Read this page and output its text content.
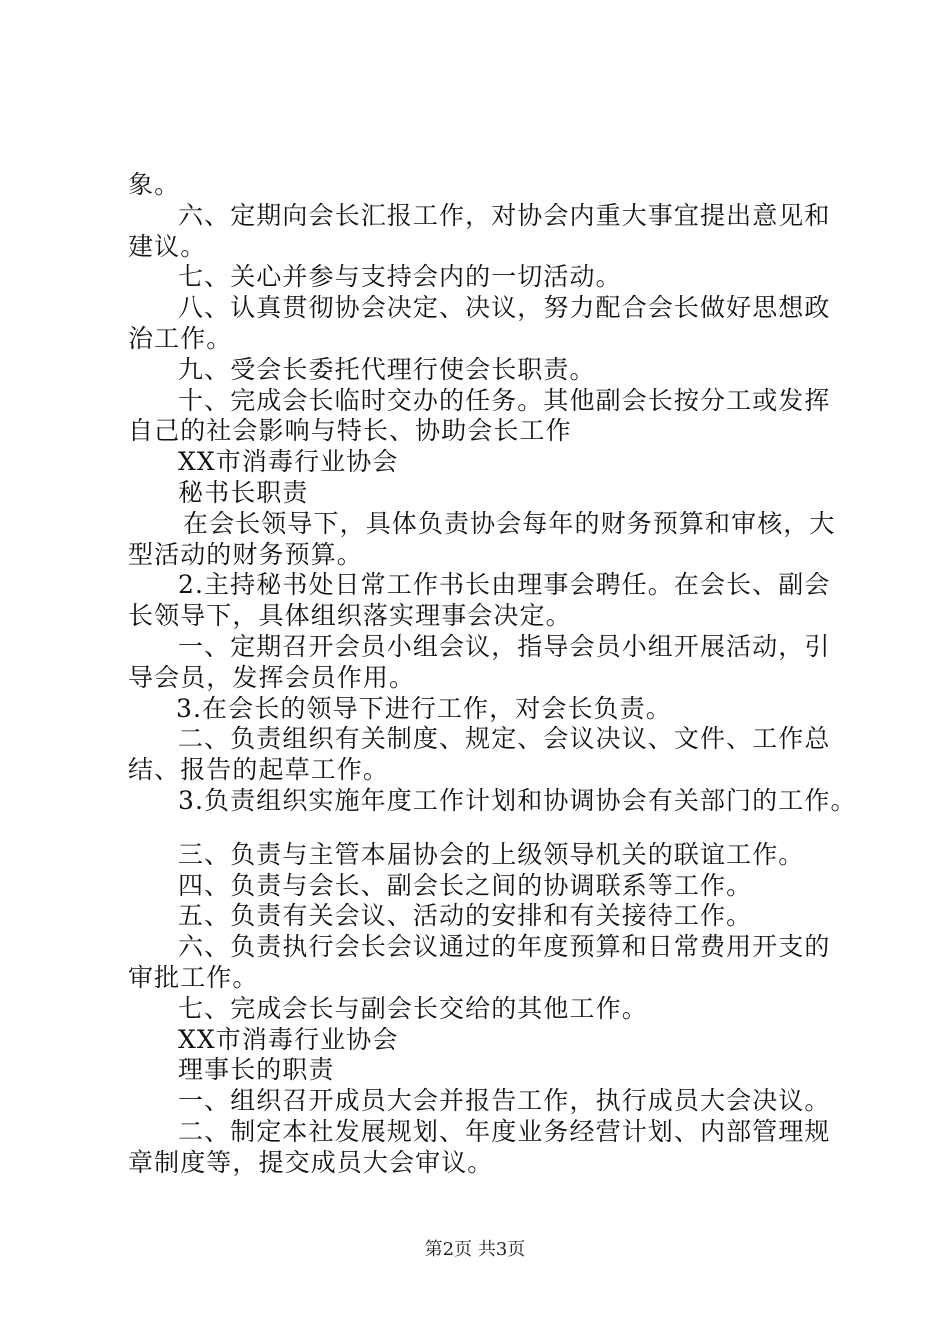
象。
六、定期向会长汇报工作，对协会内重大事宜提出意见和
建议。
七、关心并参与支持会内的一切活动。
八、认真贯彻协会决定、决议，努力配合会长做好思想政
治工作。
九、受会长委托代理行使会长职责。
十、完成会长临时交办的任务。其他副会长按分工或发挥
自己的社会影响与特长、协助会长工作
XX市消毒行业协会
秘书长职责
在会长领导下，具体负责协会每年的财务预算和审核，大
型活动的财务预算。
2.主持秘书处日常工作书长由理事会聘任。在会长、副会
长领导下，具体组织落实理事会决定。
一、定期召开会员小组会议，指导会员小组开展活动，引
导会员，发挥会员作用。
3.在会长的领导下进行工作，对会长负责。
二、负责组织有关制度、规定、会议决议、文件、工作总
结、报告的起草工作。
3.负责组织实施年度工作计划和协调协会有关部门的工作。
三、负责与主管本届协会的上级领导机关的联谊工作。
四、负责与会长、副会长之间的协调联系等工作。
五、负责有关会议、活动的安排和有关接待工作。
六、负责执行会长会议通过的年度预算和日常费用开支的
审批工作。
七、完成会长与副会长交给的其他工作。
XX市消毒行业协会
理事长的职责
一、组织召开成员大会并报告工作，执行成员大会决议。
二、制定本社发展规划、年度业务经营计划、内部管理规
章制度等，提交成员大会审议。
第2页 共3页
